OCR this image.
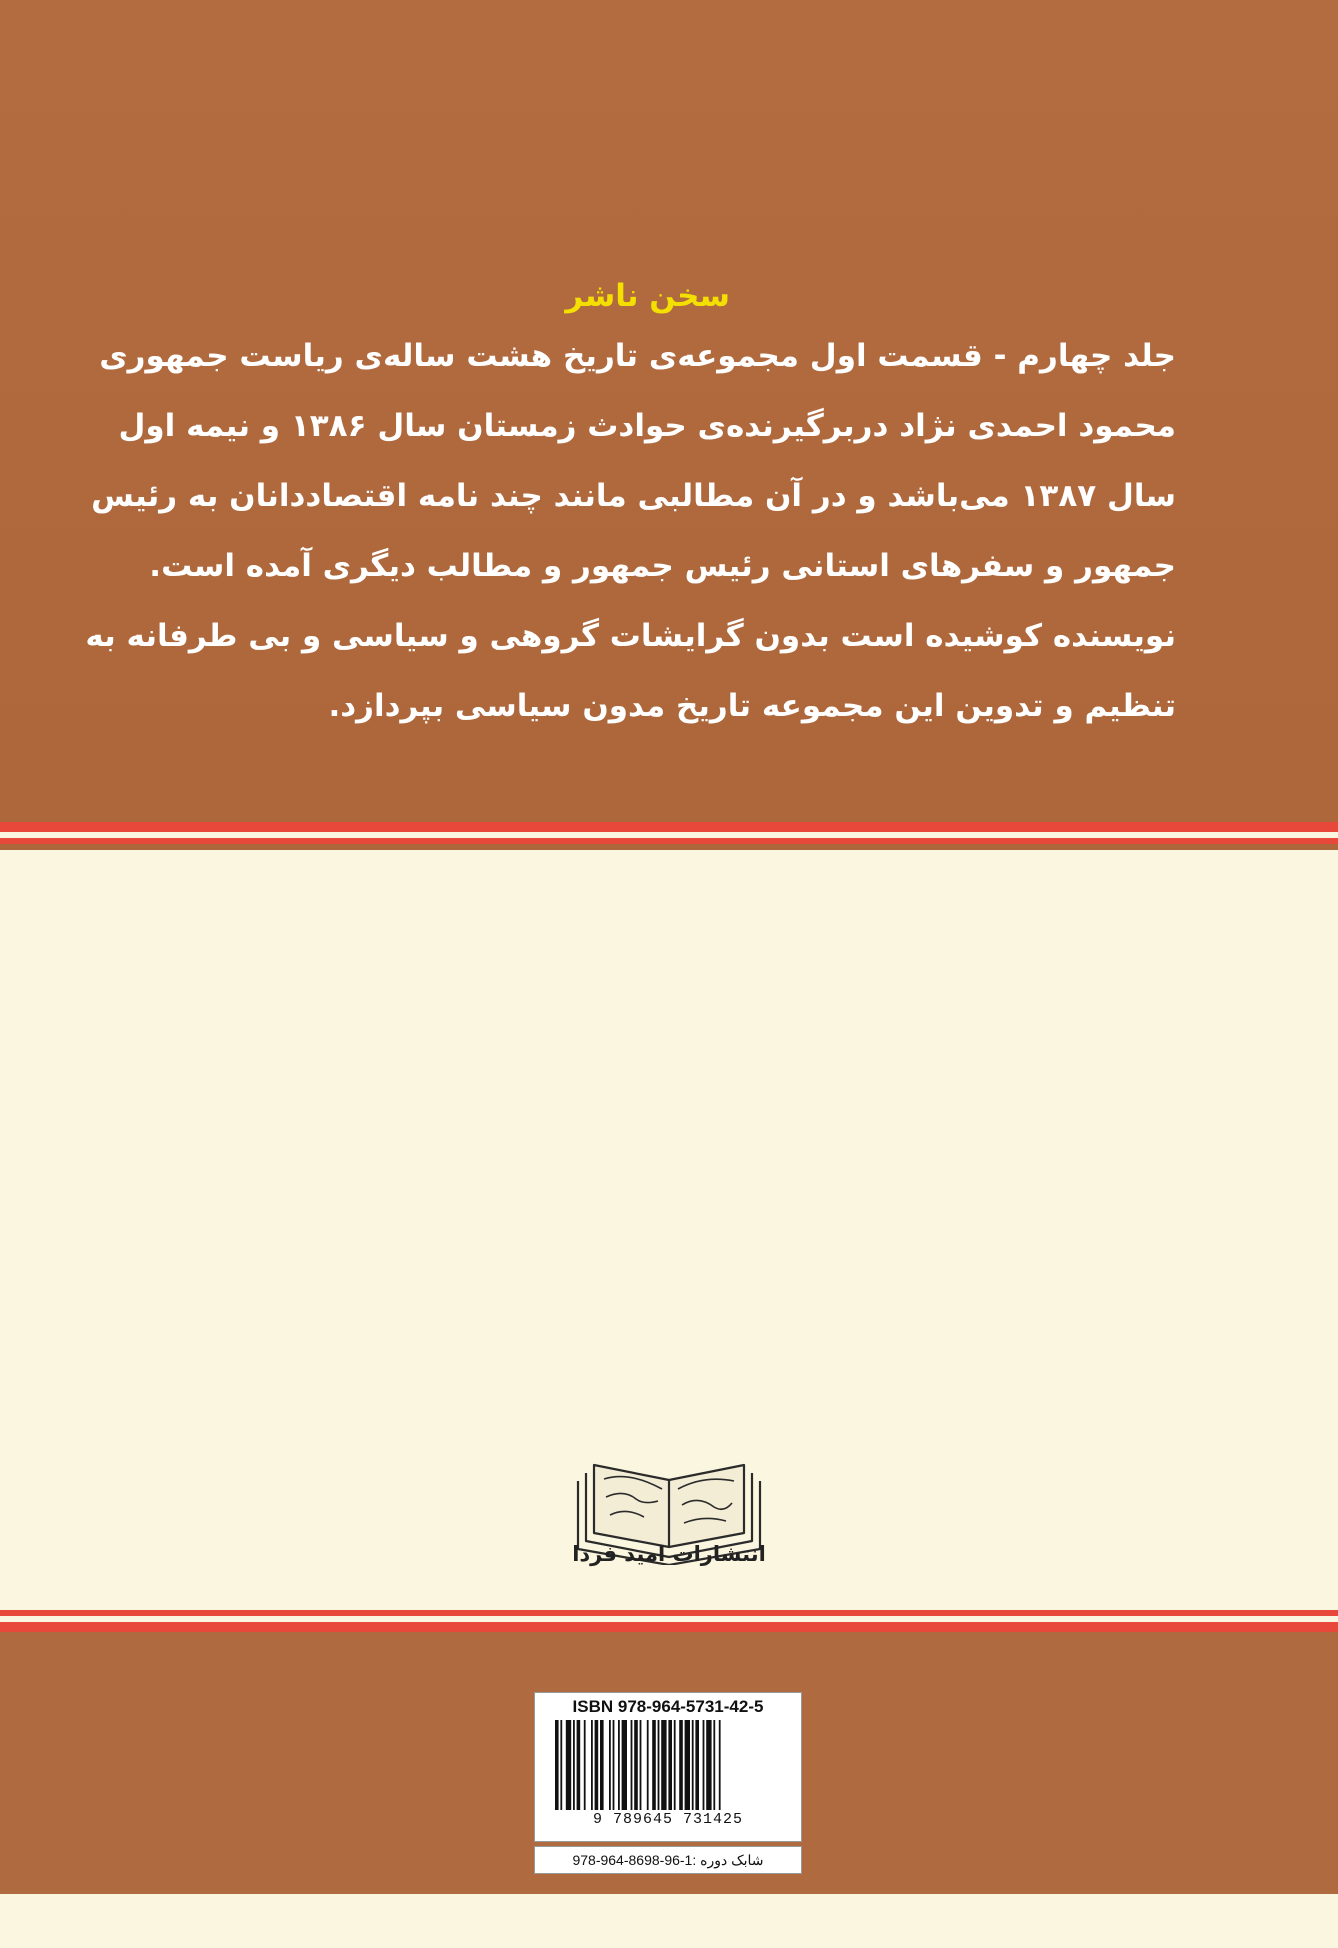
سخن ناشر
جلد چهارم - قسمت اول مجموعه‌ی تاریخ هشت ساله‌ی ریاست جمهوری
محمود احمدی نژاد دربرگیرنده‌ی حوادث زمستان سال ۱۳۸۶ و نیمه اول
سال ۱۳۸۷ می‌باشد و در آن مطالبی مانند چند نامه اقتصاددانان به رئیس
جمهور و سفرهای استانی رئیس جمهور و مطالب دیگری آمده است.
نویسنده کوشیده است بدون گرایشات گروهی و سیاسی و بی طرفانه به
تنظیم و تدوین این مجموعه تاریخ مدون سیاسی بپردازد.
انتشارات امید فردا
ISBN 978-964-5731-42-5
9 789645 731425
978-964-8698-96-1: شابک دوره
